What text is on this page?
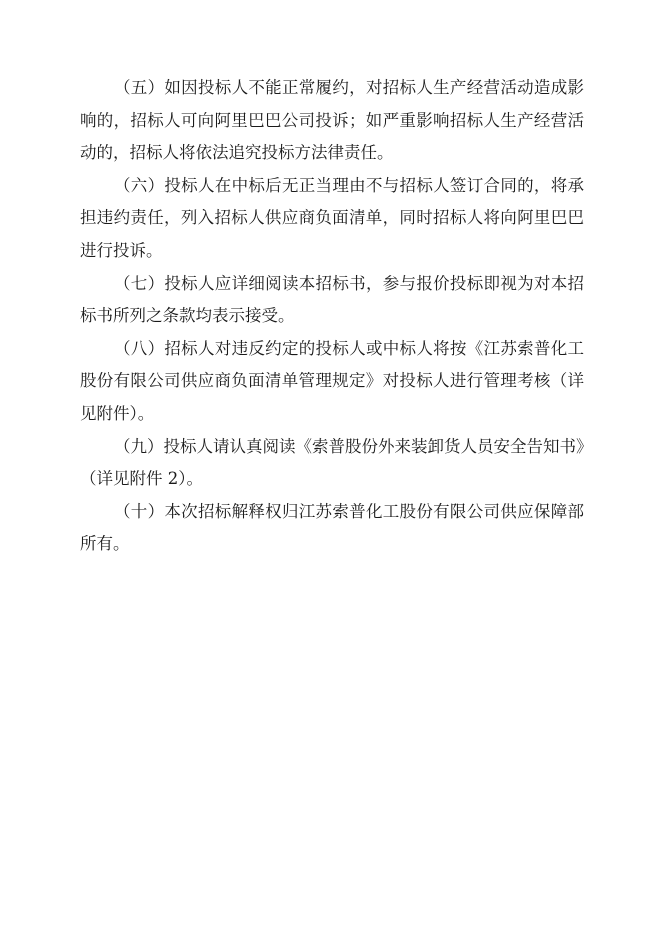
（五）如因投标人不能正常履约，对招标人生产经营活动造成影
响的，招标人可向阿里巴巴公司投诉；如严重影响招标人生产经营活
动的，招标人将依法追究投标方法律责任。
（六）投标人在中标后无正当理由不与招标人签订合同的，将承
担违约责任，列入招标人供应商负面清单，同时招标人将向阿里巴巴
进行投诉。
（七）投标人应详细阅读本招标书，参与报价投标即视为对本招
标书所列之条款均表示接受。
（八）招标人对违反约定的投标人或中标人将按《江苏索普化工
股份有限公司供应商负面清单管理规定》对投标人进行管理考核（详
见附件）。
（九）投标人请认真阅读《索普股份外来装卸货人员安全告知书》
（详见附件 2）。
（十）本次招标解释权归江苏索普化工股份有限公司供应保障部
所有。
